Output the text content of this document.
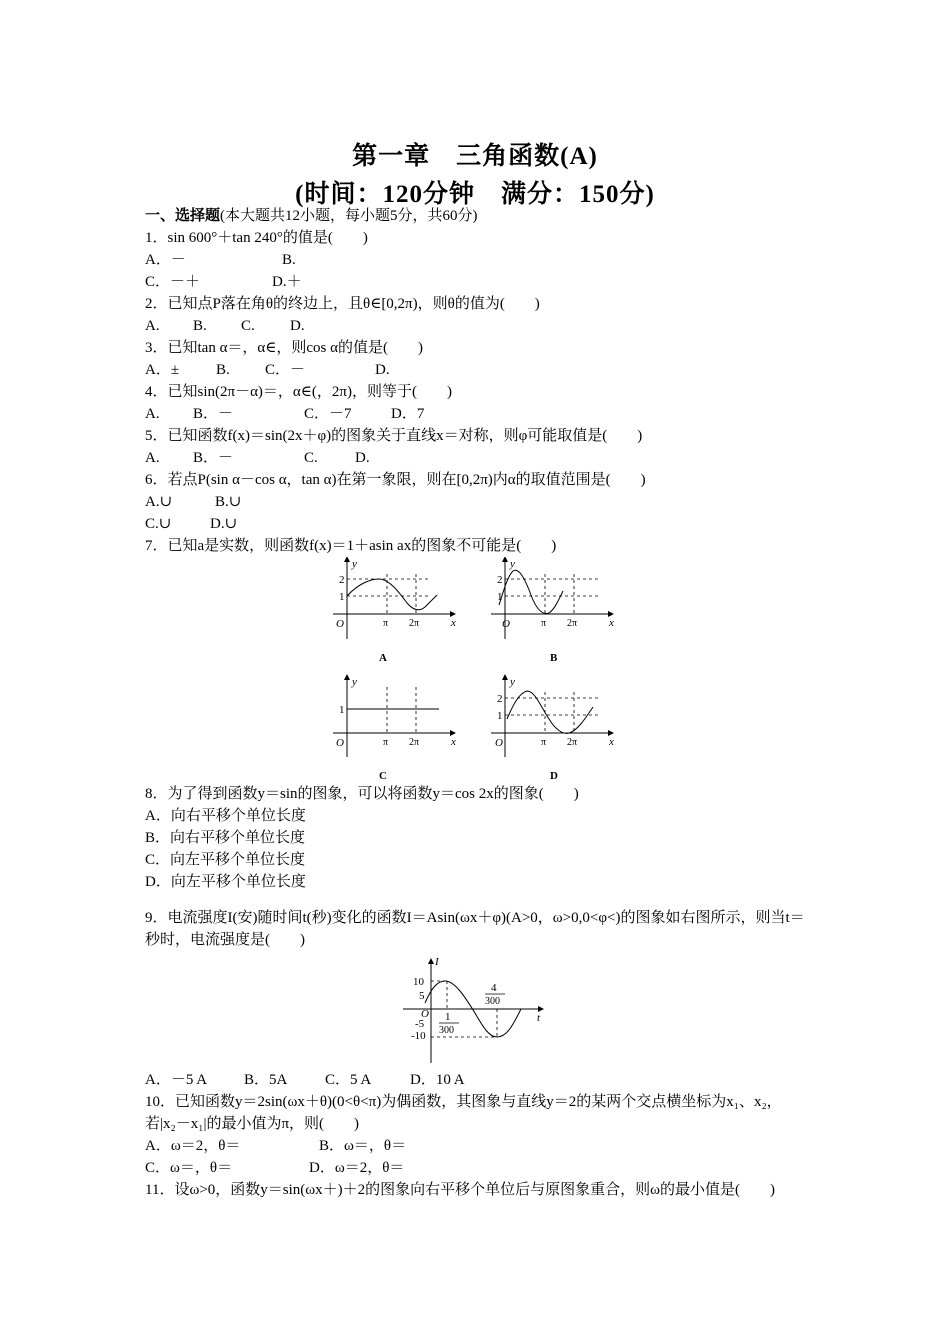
第一章　三角函数(A)
(时间：120分钟　满分：150分)
一、选择题(本大题共12小题，每小题5分，共60分)
1．sin 600°＋tan 240°的值是(　　)
A．－	B.
C．－＋	D.＋
2．已知点P落在角θ的终边上，且θ∈[0,2π)，则θ的值为(　　)
A. B. C. D.
3．已知tan α＝，α∈，则cos α的值是(　　)
A．± B. C．－	D.
4．已知sin(2π－α)＝，α∈(，2π)，则等于(　　)
A. B．－	C．－7	D．7
5．已知函数f(x)＝sin(2x＋φ)的图象关于直线x＝对称，则φ可能取值是(　　)
A. B．－	C. D.
6．若点P(sin α－cos α，tan α)在第一象限，则在[0,2π)内α的取值范围是(　　)
A.∪	B.∪
C.∪	D.∪
7．已知a是实数，则函数f(x)＝1＋asin ax的图象不可能是(　　)
2
1
π 2π
O	x
y
A
2
1
π 2π
O	x
y
B
1
π 2π
O	x
y
C
2
1
π 2π
O	x
y
D
8．为了得到函数y＝sin的图象，可以将函数y＝cos 2x的图象(　　)
A．向右平移个单位长度
B．向右平移个单位长度
C．向左平移个单位长度
D．向左平移个单位长度
9．电流强度I(安)随时间t(秒)变化的函数I＝Asin(ωx＋φ)(A>0，ω>0,0<φ<)的图象如右图所示，则当t＝秒时，电流强度是(　　)
10
5
-5
-10
O	t
I
1
300
4
300
A．－5 A B．5A	C．5 A	D．10 A
10．已知函数y＝2sin(ωx＋θ)(0<θ<π)为偶函数，其图象与直线y＝2的某两个交点横坐标为x₁、x₂，若|x₂－x₁|的最小值为π，则(　　)
A．ω＝2，θ＝	B．ω＝，θ＝
C．ω＝，θ＝	D．ω＝2，θ＝
11．设ω>0，函数y＝sin(ωx＋)＋2的图象向右平移个单位后与原图象重合，则ω的最小值是(　　)
